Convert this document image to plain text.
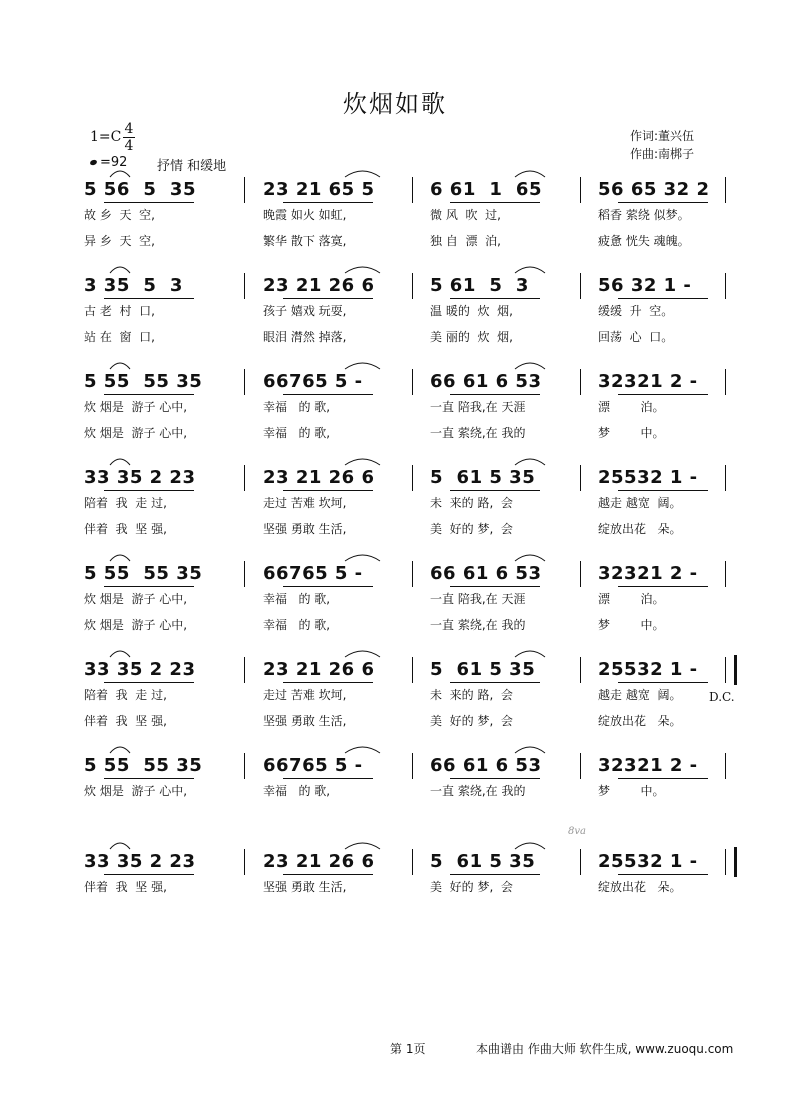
炊烟如歌
1=C 4
4
=92 抒情 和缓地
作词:董兴伍
作曲:南梆子
5 56  5  35
故 乡  天  空,
异 乡  天  空,
23 21 65 5
晚霞 如火 如虹,
繁华 散下 落寞,
6 61  1  65
微 风  吹  过,
独 自  漂  泊,
56 65 32 2
稻香 萦绕 似梦。
疲惫 恍失 魂魄。
3 35  5  3
古 老  村  口,
站 在  窗  口,
23 21 26 6
孩子 嬉戏 玩耍,
眼泪 潸然 掉落,
5 61  5  3
温 暖的  炊  烟,
美 丽的  炊  烟,
56 32 1 -
缓缓  升  空。
回荡  心  口。
5 55  55 35
炊 烟是  游子 心中,
炊 烟是  游子 心中,
66765 5 -
幸福   的 歌,
幸福   的 歌,
66 61 6 53
一直 陪我,在 天涯
一直 萦绕,在 我的
32321 2 -
漂        泊。
梦        中。
33 35 2 23
陪着  我  走 过,
伴着  我  坚 强,
23 21 26 6
走过 苦难 坎坷,
坚强 勇敢 生活,
5  61 5 35
未  来的 路,  会
美  好的 梦,  会
25532 1 -
越走 越宽  阔。
绽放出花   朵。
5 55  55 35
炊 烟是  游子 心中,
炊 烟是  游子 心中,
66765 5 -
幸福   的 歌,
幸福   的 歌,
66 61 6 53
一直 陪我,在 天涯
一直 萦绕,在 我的
32321 2 -
漂        泊。
梦        中。
33 35 2 23
陪着  我  走 过,
伴着  我  坚 强,
23 21 26 6
走过 苦难 坎坷,
坚强 勇敢 生活,
5  61 5 35
未  来的 路,  会
美  好的 梦,  会
25532 1 -
越走 越宽  阔。
绽放出花   朵。
5 55  55 35
炊 烟是  游子 心中,
66765 5 -
幸福   的 歌,
66 61 6 53
一直 萦绕,在 我的
32321 2 -
梦        中。
33 35 2 23
伴着  我  坚 强,
23 21 26 6
坚强 勇敢 生活,
5  61 5 35
美  好的 梦,  会
25532 1 -
绽放出花   朵。
D.C.
8va
第 1页	本曲谱由 作曲大师 软件生成, www.zuoqu.com
